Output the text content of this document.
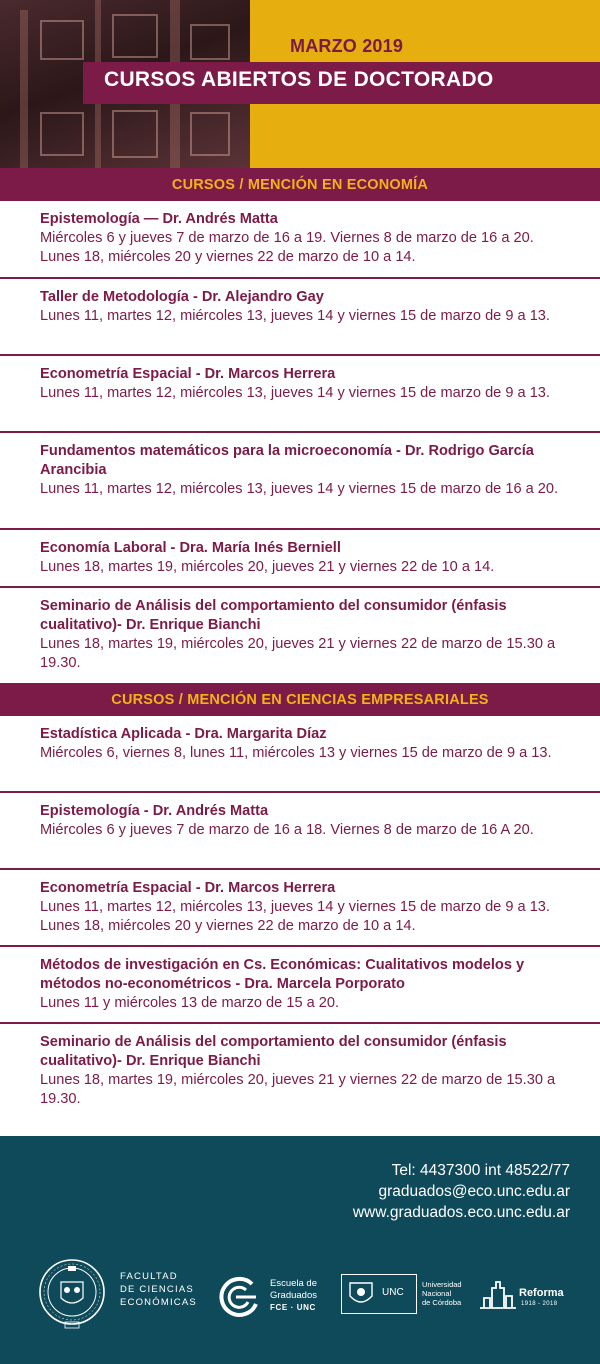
MARZO 2019
CURSOS ABIERTOS DE DOCTORADO
CURSOS / MENCIÓN EN ECONOMÍA
Epistemología — Dr. Andrés Matta
Miércoles 6 y jueves 7 de marzo de 16 a 19. Viernes 8 de marzo de 16 a 20. Lunes 18, miércoles 20 y viernes 22 de marzo de 10 a 14.
Taller de Metodología - Dr. Alejandro Gay
Lunes 11, martes 12, miércoles 13, jueves 14 y viernes 15 de marzo de 9 a 13.
Econometría Espacial - Dr. Marcos Herrera
Lunes 11, martes 12, miércoles 13, jueves 14 y viernes 15 de marzo de 9 a 13.
Fundamentos matemáticos para la microeconomía - Dr. Rodrigo García Arancibia
Lunes 11, martes 12, miércoles 13, jueves 14 y viernes 15 de marzo de 16 a 20.
Economía Laboral - Dra. María Inés Berniell
Lunes 18, martes 19, miércoles 20, jueves 21 y viernes 22 de 10 a 14.
Seminario de Análisis del comportamiento del consumidor (énfasis cualitativo)- Dr. Enrique Bianchi
Lunes 18, martes 19, miércoles 20, jueves 21 y viernes 22 de marzo de 15.30 a 19.30.
CURSOS / MENCIÓN EN CIENCIAS EMPRESARIALES
Estadística Aplicada - Dra. Margarita Díaz
Miércoles 6, viernes 8, lunes 11, miércoles 13 y viernes 15 de marzo de 9 a 13.
Epistemología - Dr. Andrés Matta
Miércoles 6 y jueves 7 de marzo de 16 a 18. Viernes 8 de marzo de 16 A 20.
Econometría Espacial - Dr. Marcos Herrera
Lunes 11, martes 12, miércoles 13, jueves 14 y viernes 15 de marzo de 9 a 13. Lunes 18, miércoles 20 y viernes 22 de marzo de 10 a 14.
Métodos de investigación en Cs. Económicas: Cualitativos modelos y métodos no-econométricos - Dra. Marcela Porporato
Lunes 11 y miércoles 13 de marzo de 15 a 20.
Seminario de Análisis del comportamiento del consumidor (énfasis cualitativo)- Dr. Enrique Bianchi
Lunes 18, martes 19, miércoles 20, jueves 21 y viernes 22 de marzo de 15.30 a 19.30.
Tel: 4437300 int 48522/77
graduados@eco.unc.edu.ar
www.graduados.eco.unc.edu.ar
FACULTAD
DE CIENCIAS
ECONÓMICAS
Escuela de
Graduados
FCE · UNC
UNC
Universidad
Nacional
de Córdoba
Reforma
1918 - 2018
